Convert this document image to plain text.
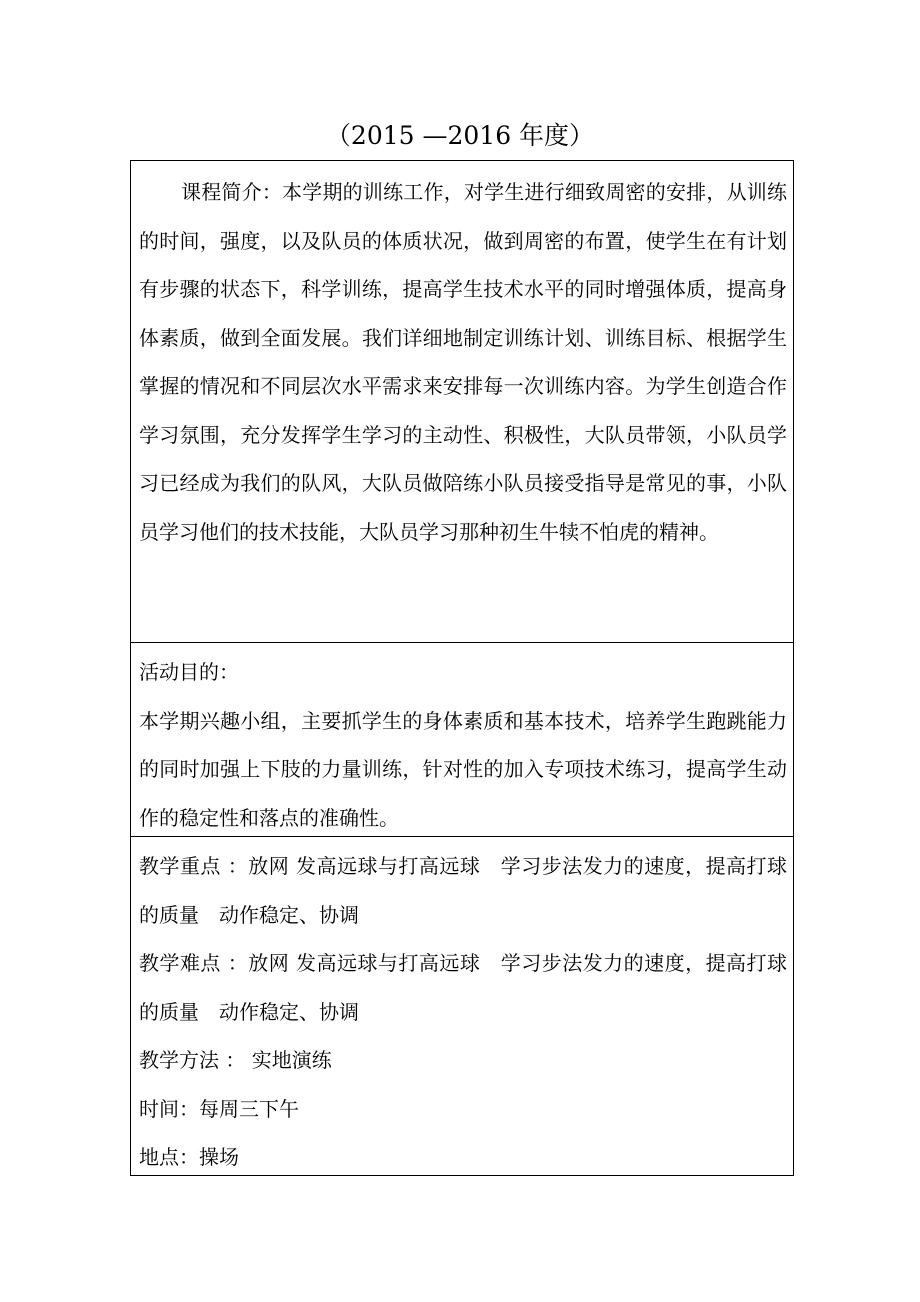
（2015 —2016 年度）

课程简介：本学期的训练工作，对学生进行细致周密的安排，从训练的时间，强度，以及队员的体质状况，做到周密的布置，使学生在有计划有步骤的状态下，科学训练，提高学生技术水平的同时增强体质，提高身体素质，做到全面发展。我们详细地制定训练计划、训练目标、根据学生掌握的情况和不同层次水平需求来安排每一次训练内容。为学生创造合作学习氛围，充分发挥学生学习的主动性、积极性，大队员带领，小队员学习已经成为我们的队风，大队员做陪练小队员接受指导是常见的事，小队员学习他们的技术技能，大队员学习那种初生牛犊不怕虎的精神。

活动目的：

本学期兴趣小组，主要抓学生的身体素质和基本技术，培养学生跑跳能力的同时加强上下肢的力量训练，针对性的加入专项技术练习，提高学生动作的稳定性和落点的准确性。

教学重点 ：放网 发高远球与打高远球　学习步法发力的速度，提高打球的质量　动作稳定、协调

教学难点 ：放网 发高远球与打高远球　学习步法发力的速度，提高打球的质量　动作稳定、协调

教学方法 ： 实地演练

时间：每周三下午

地点：操场
